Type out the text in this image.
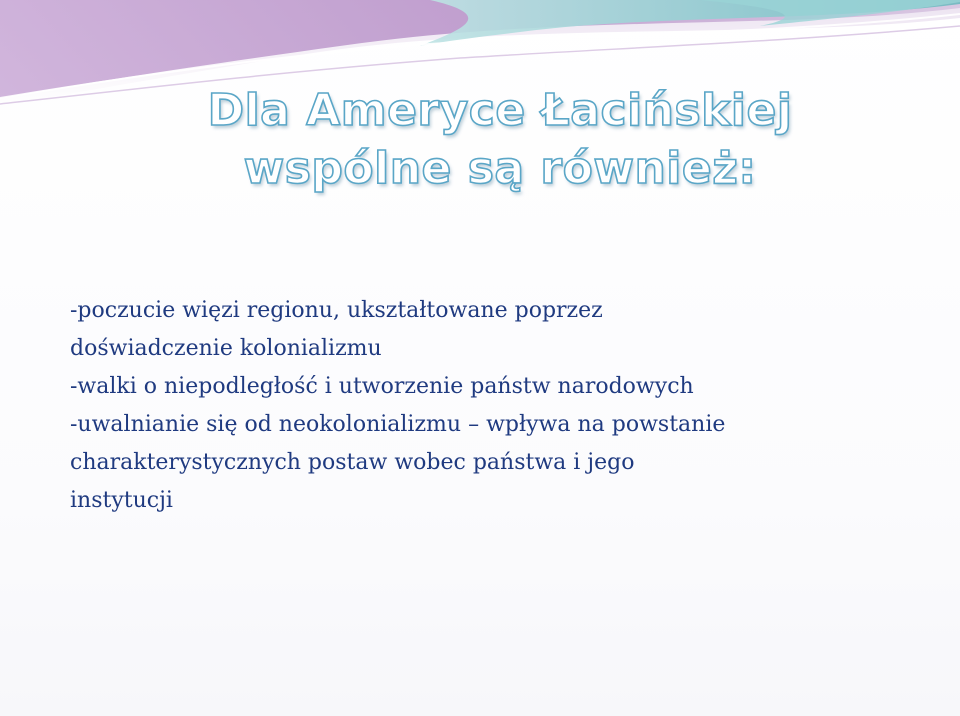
Dla Ameryce Łacińskiej
wspólne są również:
-poczucie więzi regionu, ukształtowane poprzez
doświadczenie kolonializmu
-walki o niepodległość i utworzenie państw narodowych
-uwalnianie się od neokolonializmu – wpływa na powstanie
charakterystycznych postaw wobec państwa i jego
instytucji
